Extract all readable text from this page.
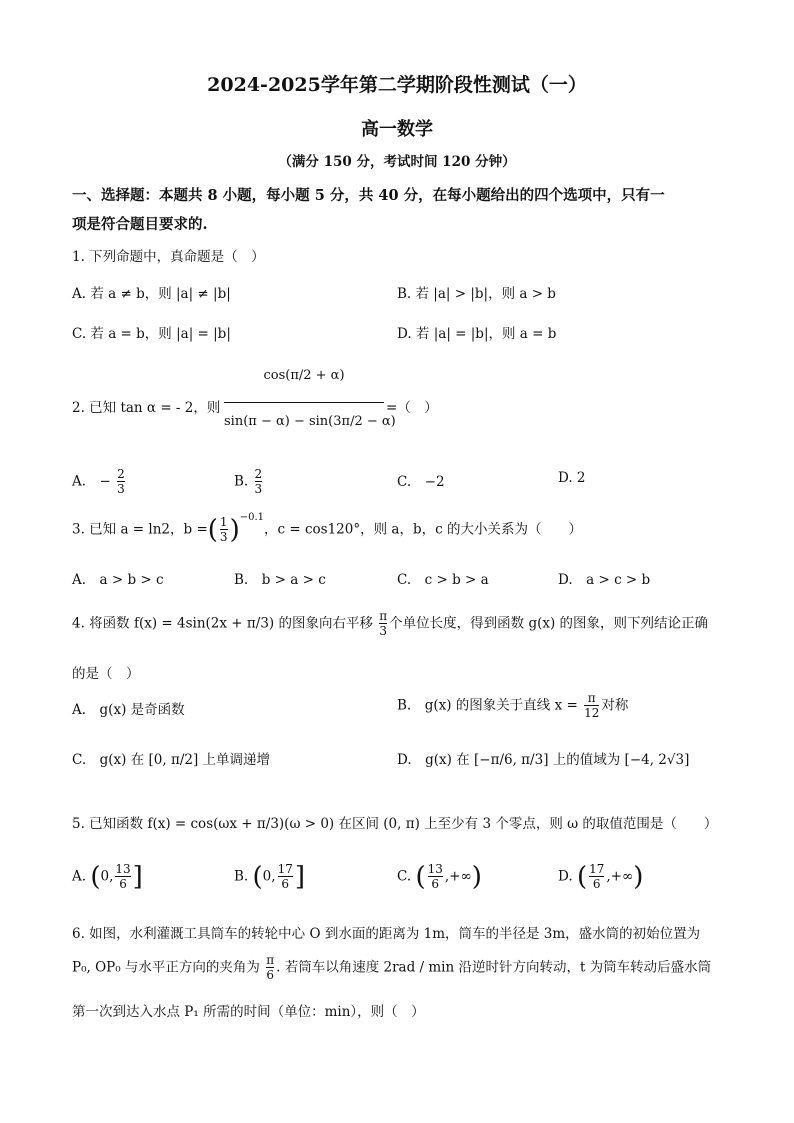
2024-2025学年第二学期阶段性测试（一）
高一数学
（满分 150 分，考试时间 120 分钟）
一、选择题：本题共 8 小题，每小题 5 分，共 40 分，在每小题给出的四个选项中，只有一
项是符合题目要求的.
1. 下列命题中，真命题是（　）
A. 若 a ≠ b，则 |a| ≠ |b|	B. 若 |a| > |b|，则 a > b
C. 若 a = b，则 |a| = |b|	D. 若 |a| = |b|，则 a = b
2. 已知 tan α = - 2，则
cos(π/2 + α)
sin(π − α) − sin(3π/2 − α)
=（　）
A.　− $\frac{2}{3}$	B. $\frac{2}{3}$	C.　−2	D. 2
3. 已知 a = ln2，b =( $\frac{1}{3} )^{-0.1}$，c = cos120°，则 a，b，c 的大小关系为（　　）
A.　a > b > c	B.　b > a > c	C.　c > b > a	D.　a > c > b
4. 将函数 f(x) = 4sin(2x + π/3) 的图象向右平移 $\frac{\pi}{3}$ 个单位长度，得到函数 g(x) 的图象，则下列结论正确
的是（　）
A.　g(x) 是奇函数	B.　g(x) 的图象关于直线 $x = \frac{\pi}{12}$ 对称
C.　g(x) 在 [0, π/2] 上单调递增	D.　g(x) 在 [−π/6, π/3] 上的值域为 [−4, 2√3]
5. 已知函数 f(x) = cos(ωx + π/3)(ω > 0) 在区间 (0, π) 上至少有 3 个零点，则 ω 的取值范围是（　　）
A. (0, $\frac{13}{6}$ ]	B. (0, $\frac{17}{6}$ ]	C. ( $\frac{13}{6}$ ,+∞)	D. ( $\frac{17}{6}$ ,+∞)
6. 如图，水利灌溉工具筒车的转轮中心 O 到水面的距离为 1m，筒车的半径是 3m，盛水筒的初始位置为
P₀, OP₀ 与水平正方向的夹角为 $\frac{\pi}{6}$ . 若筒车以角速度 2rad / min 沿逆时针方向转动，t 为筒车转动后盛水筒
第一次到达入水点 P₁ 所需的时间（单位：min），则（　）
